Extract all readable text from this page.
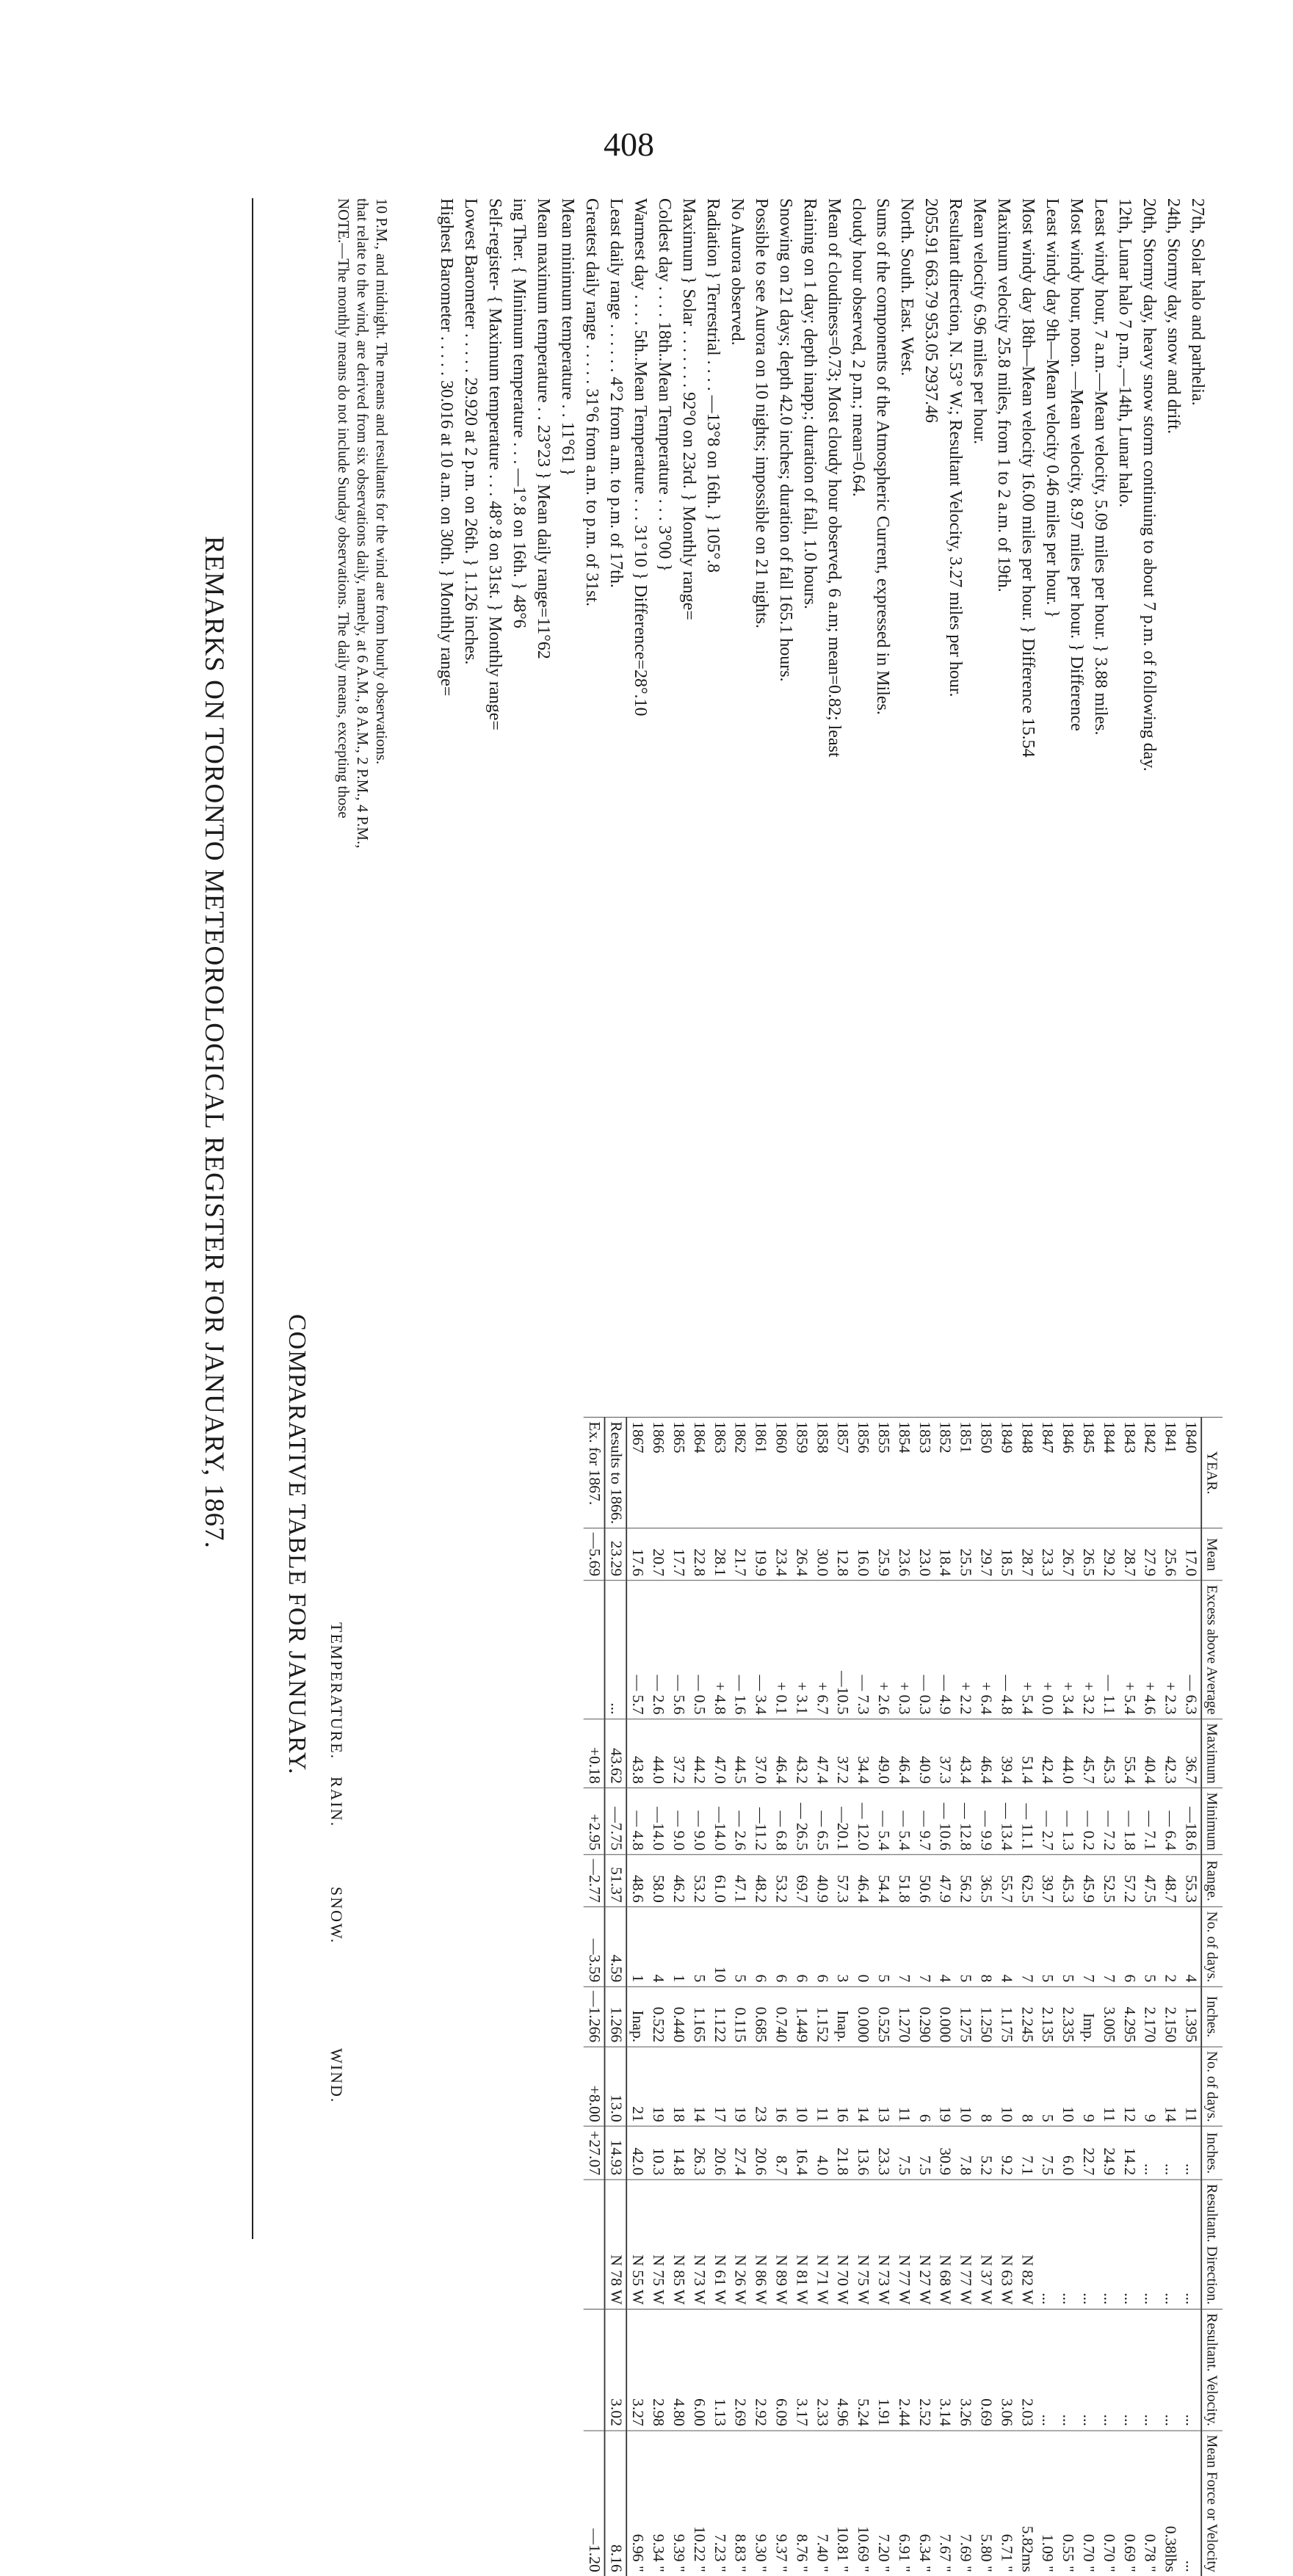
408
REMARKS ON TORONTO METEOROLOGICAL REGISTER FOR JANUARY, 1867.
NOTE.—The monthly means do not include Sunday observations. The daily means, excepting those that relate to the wind, are derived from six observations daily, namely, at 6 A.M., 8 A.M., 2 P.M., 4 P.M., 10 P.M., and midnight. The means and resultants for the wind are from hourly observations.	Highest Barometer . . . . . 30.016 at 10 a.m. on 30th. } Monthly range= Lowest Barometer . . . . . 29.920 at 2 p.m. on 26th. } 1.126 inches. Self-register- { Maximum temperature . . . 48°.8 on 31st. } Monthly range= ing Ther. { Minimum temperature . . . —1°.8 on 16th. } 48°6 Mean maximum temperature . . 23°23 } Mean daily range=11°62 Mean minimum temperature . . 11°61 } Greatest daily range . . . . . 31°6 from a.m. to p.m. of 31st. Least daily range . . . . . . 4°2 from a.m. to p.m. of 17th. Warmest day . . . . 5th..Mean Temperature . . . 31°10 } Difference=28°.10 Coldest day . . . . 18th..Mean Temperature . . . 3°00 } Maximum } Solar . . . . . . . 92°0 on 23rd. } Monthly range= Radiation } Terrestrial . . . . —13°8 on 16th. } 105°.8 No Aurora observed. Possible to see Aurora on 10 nights; impossible on 21 nights. Snowing on 21 days; depth 42.0 inches; duration of fall 165.1 hours. Raining on 1 day; depth inapp.; duration of fall, 1.0 hours. Mean of cloudiness=0.73; Most cloudy hour observed, 6 a.m; mean=0.82; least cloudy hour observed, 2 p.m.; mean=0.64. Sums of the components of the Atmospheric Current, expressed in Miles. North. South. East. West. 2055.91 663.79 953.05 2937.46 Resultant direction, N. 53° W.; Resultant Velocity, 3.27 miles per hour. Mean velocity 6.96 miles per hour. Maximum velocity 25.8 miles, from 1 to 2 a.m. of 19th. Most windy day 18th—Mean velocity 16.00 miles per hour. } Difference 15.54 Least windy day 9th—Mean velocity 0.46 miles per hour. } Most windy hour, noon. —Mean velocity, 8.97 miles per hour. } Difference Least windy hour, 7 a.m.—Mean velocity, 5.09 miles per hour. } 3.88 miles. 12th, Lunar halo 7 p.m.,—14th, Lunar halo. 20th, Stormy day, heavy snow storm continuing to about 7 p.m. of following day. 24th, Stormy day, snow and drift. 27th, Solar halo and parhelia.
COMPARATIVE TABLE FOR JANUARY. TEMPERATURE.
RAIN.
SNOW.
WIND.
YEAR.	Mean	Excess above Average	Maximum	Minimum	Range.	No. of days.	Inches.	No. of days.	Inches.	Resultant. Direction.	Resultant. Velocity.	Mean Force or Velocity
1840	17.0	— 6.3	36.7	—18.6	55.3	4	1.395	11	...	...	...	...
1841	25.6	+ 2.3	42.3	— 6.4	48.7	2	2.150	14	...	...	...	0.38lbs
1842	27.9	+ 4.6	40.4	— 7.1	47.5	5	2.170	9	...	...	...	0.78 "
1843	28.7	+ 5.4	55.4	— 1.8	57.2	6	4.295	12	14.2	...	...	0.69 "
1844	29.2	— 1.1	45.3	— 7.2	52.5	7	3.005	11	24.9	...	...	0.70 "
1845	26.5	+ 3.2	45.7	— 0.2	45.9	7	Imp.	9	22.7	...	...	0.70 "
1846	26.7	+ 3.4	44.0	— 1.3	45.3	5	2.335	10	6.0	...	...	0.55 "
1847	23.3	+ 0.0	42.4	— 2.7	39.7	5	2.135	5	7.5	...	...	1.09 "
1848	28.7	+ 5.4	51.4	— 11.1	62.5	7	2.245	8	7.1	N 82 W	2.03	5.82ms
1849	18.5	— 4.8	39.4	— 13.4	55.7	4	1.175	10	9.2	N 63 W	3.06	6.71 "
1850	29.7	+ 6.4	46.4	— 9.9	36.5	8	1.250	8	5.2	N 37 W	0.69	5.80 "
1851	25.5	+ 2.2	43.4	— 12.8	56.2	5	1.275	10	7.8	N 77 W	3.26	7.69 "
1852	18.4	— 4.9	37.3	— 10.6	47.9	4	0.000	19	30.9	N 68 W	3.14	7.67 "
1853	23.0	— 0.3	40.9	— 9.7	50.6	7	0.290	6	7.5	N 27 W	2.52	6.34 "
1854	23.6	+ 0.3	46.4	— 5.4	51.8	7	1.270	11	7.5	N 77 W	2.44	6.91 "
1855	25.9	+ 2.6	49.0	— 5.4	54.4	5	0.525	13	23.3	N 73 W	1.91	7.20 "
1856	16.0	— 7.3	34.4	— 12.0	46.4	0	0.000	14	13.6	N 75 W	5.24	10.69 "
1857	12.8	—10.5	37.2	—20.1	57.3	3	Inap.	16	21.8	N 70 W	4.96	10.81 "
1858	30.0	+ 6.7	47.4	— 6.5	40.9	6	1.152	11	4.0	N 71 W	2.33	7.40 "
1859	26.4	+ 3.1	43.2	— 26.5	69.7	6	1.449	10	16.4	N 81 W	3.17	8.76 "
1860	23.4	+ 0.1	46.4	— 6.8	53.2	6	0.740	16	8.7	N 89 W	6.09	9.37 "
1861	19.9	— 3.4	37.0	—11.2	48.2	6	0.685	23	20.6	N 86 W	2.92	9.30 "
1862	21.7	— 1.6	44.5	— 2.6	47.1	5	0.115	19	27.4	N 26 W	2.69	8.83 "
1863	28.1	+ 4.8	47.0	—14.0	61.0	10	1.122	17	20.6	N 61 W	1.13	7.23 "
1864	22.8	— 0.5	44.2	— 9.0	53.2	5	1.165	14	26.3	N 73 W	6.00	10.22 "
1865	17.7	— 5.6	37.2	— 9.0	46.2	1	0.440	18	14.8	N 85 W	4.80	9.39 "
1866	20.7	— 2.6	44.0	—14.0	58.0	4	0.522	19	10.3	N 75 W	2.98	9.34 "
1867	17.6	— 5.7	43.8	— 4.8	48.6	1	Inap.	21	42.0	N 55 W	3.27	6.96 "
Results to 1866.	23.29	...	43.62	—7.75	51.37	4.59	1.266	13.0	14.93	N 78 W	3.02	8.16
Ex. for 1867.	—5.69		+0.18	+2.95	—2.77	—3.59	—1.266	+8.00	+27.07			—1.20
